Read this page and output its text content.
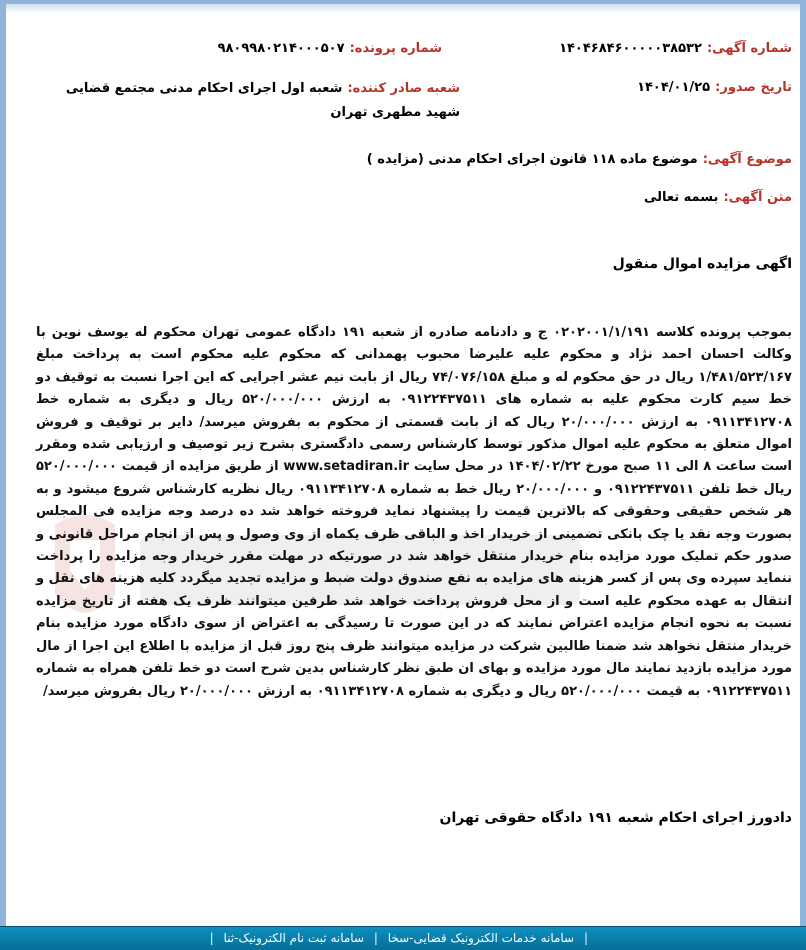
شماره آگهی: ۱۴۰۴۶۸۴۶۰۰۰۰۰۳۸۵۳۲
شماره پرونده: ۹۸۰۹۹۸۰۲۱۴۰۰۰۵۰۷
تاریخ صدور: ۱۴۰۴/۰۱/۲۵
شعبه صادر کننده: شعبه اول اجرای احکام مدنی مجتمع قضایی شهید مطهری تهران
موضوع آگهی: موضوع ماده ۱۱۸ قانون اجرای احکام مدنی (مزایده )
متن آگهی: بسمه تعالی
اگهی مزایده اموال منقول

بموجب پرونده کلاسه ۰۲۰۲۰۰۱/۱/۱۹۱ ج و دادنامه صادره از شعبه ۱۹۱ دادگاه عمومی تهران محکوم له یوسف نوین با وکالت احسان احمد نژاد و محکوم علیه علیرضا محبوب پهمدانی که محکوم علیه محکوم است به پرداخت مبلغ ۱/۴۸۱/۵۲۳/۱۶۷ ریال در حق محکوم له و مبلغ ۷۴/۰۷۶/۱۵۸ ریال از بابت نیم عشر اجرایی که این اجرا نسبت به توقیف دو خط سیم کارت محکوم علیه به شماره های ۰۹۱۲۲۴۳۷۵۱۱ به ارزش ۵۲۰/۰۰۰/۰۰۰ ریال و دیگری به شماره خط ۰۹۱۱۳۴۱۲۷۰۸ به ارزش ۲۰/۰۰۰/۰۰۰ ریال که از بابت قسمتی از محکوم به بفروش میرسد/ دایر بر توقیف و فروش اموال متعلق به محکوم علیه اموال مذکور توسط کارشناس رسمی دادگستری بشرح زیر توصیف و ارزیابی شده ومقرر است ساعت ۸ الی ۱۱ صبح مورخ ۱۴۰۴/۰۲/۲۲ در محل سایت www.setadiran.ir از طریق مزایده از قیمت ۵۲۰/۰۰۰/۰۰۰ ریال خط تلفن ۰۹۱۲۲۴۳۷۵۱۱ و ۲۰/۰۰۰/۰۰۰ ریال خط به شماره ۰۹۱۱۳۴۱۲۷۰۸ ریال نظریه کارشناس شروع میشود و به هر شخص حقیقی وحقوقی که بالاترین قیمت را پیشنهاد نماید فروخته خواهد شد ده درصد وجه مزایده فی المجلس بصورت وجه نقد یا چک بانکی تضمینی از خریدار اخذ و الباقی ظرف یکماه از وی وصول و پس از انجام مراحل قانونی و صدور حکم تملیک مورد مزایده بنام خریدار منتقل خواهد شد در صورتیکه در مهلت مقرر خریدار وجه مزایده را پرداخت ننماید سپرده وی پس از کسر هزینه های مزایده به نفع صندوق دولت ضبط و مزایده تجدید میگردد کلیه هزینه های نقل و انتقال به عهده محکوم علیه است و از محل فروش پرداخت خواهد شد طرفین میتوانند ظرف یک هفته از تاریخ مزایده نسبت به نحوه انجام مزایده اعتراض نمایند که در این صورت تا رسیدگی به اعتراض از سوی دادگاه مورد مزایده بنام خریدار منتقل نخواهد شد ضمنا طالبین شرکت در مزایده میتوانند ظرف پنج روز قبل از مزایده با اطلاع این اجرا از مال مورد مزایده بازدید نمایند مال مورد مزایده و بهای ان طبق نظر کارشناس بدین شرح است دو خط تلفن همراه به شماره ۰۹۱۲۲۴۳۷۵۱۱ به قیمت ۵۲۰/۰۰۰/۰۰۰ ریال و دیگری به شماره ۰۹۱۱۳۴۱۲۷۰۸ به ارزش ۲۰/۰۰۰/۰۰۰ ریال بفروش میرسد/

دادورز اجرای احکام شعبه ۱۹۱ دادگاه حقوقی تهران
| سامانه خدمات الکترونیک قضایی-سخا | سامانه ثبت نام الکترونیک-ثنا |
